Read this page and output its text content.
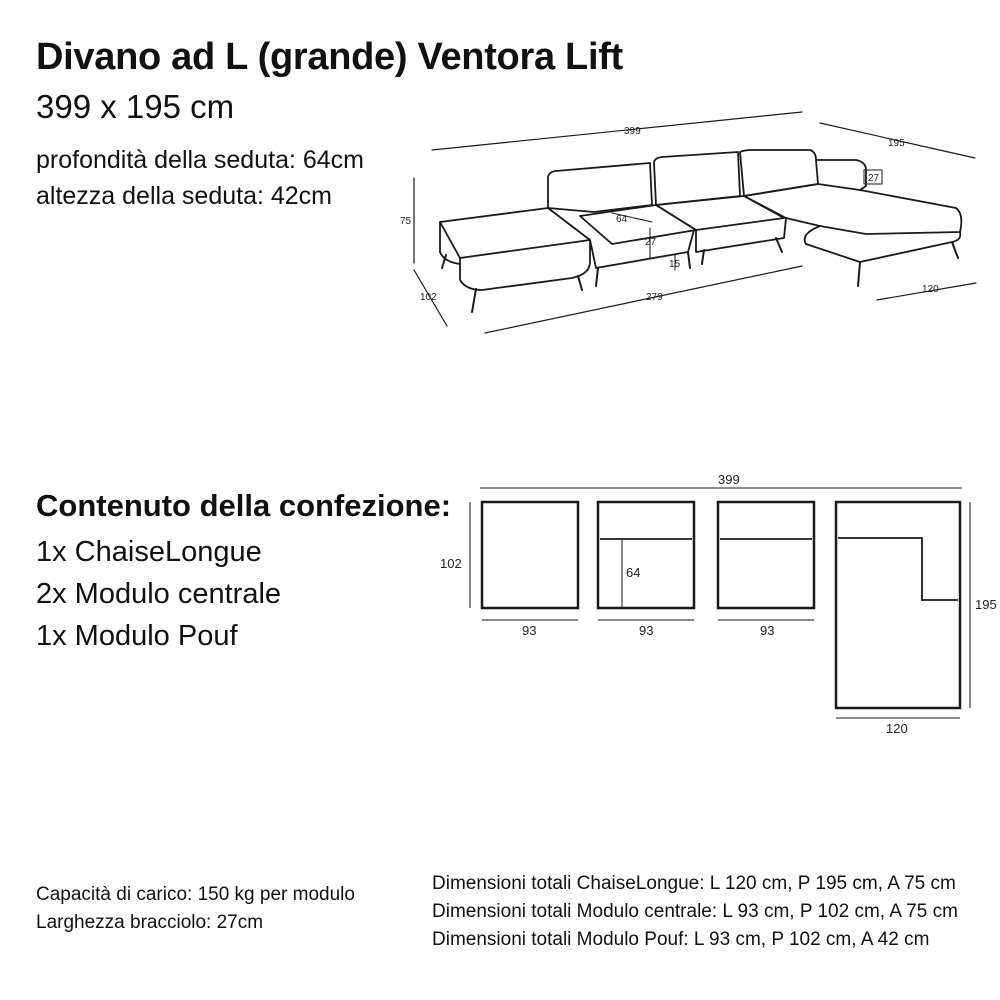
Divano ad L (grande) Ventora Lift
399 x 195 cm
profondità della seduta: 64cm
altezza della seduta: 42cm
Contenuto della confezione:
1x ChaiseLongue
2x Modulo centrale
1x Modulo Pouf
Capacità di carico: 150 kg per modulo
Larghezza bracciolo: 27cm
Dimensioni totali ChaiseLongue: L 120 cm, P 195 cm, A 75 cm
Dimensioni totali Modulo centrale: L 93 cm, P 102 cm, A 75 cm
Dimensioni totali Modulo Pouf: L 93 cm, P 102 cm, A 42 cm
399
195
75
102	279
120
64
27
27
15
399
102
64
93	93	93
195
120
